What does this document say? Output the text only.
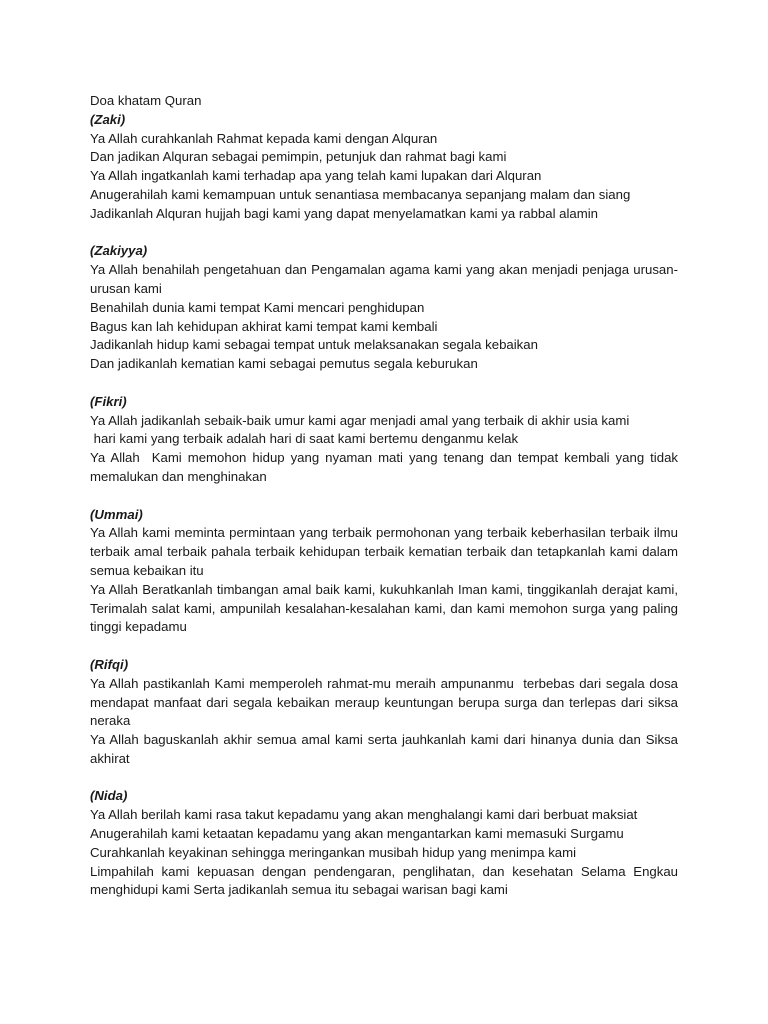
Doa khatam Quran

(Zaki)

Ya Allah curahkanlah Rahmat kepada kami dengan Alquran

Dan jadikan Alquran sebagai pemimpin, petunjuk dan rahmat bagi kami

Ya Allah ingatkanlah kami terhadap apa yang telah kami lupakan dari Alquran

Anugerahilah kami kemampuan untuk senantiasa membacanya sepanjang malam dan siang

Jadikanlah Alquran hujjah bagi kami yang dapat menyelamatkan kami ya rabbal alamin

(Zakiyya)

Ya Allah benahilah pengetahuan dan Pengamalan agama kami yang akan menjadi penjaga urusan-urusan kami

Benahilah dunia kami tempat Kami mencari penghidupan

Bagus kan lah kehidupan akhirat kami tempat kami kembali

Jadikanlah hidup kami sebagai tempat untuk melaksanakan segala kebaikan

Dan jadikanlah kematian kami sebagai pemutus segala keburukan

(Fikri)

Ya Allah jadikanlah sebaik-baik umur kami agar menjadi amal yang terbaik di akhir usia kami

hari kami yang terbaik adalah hari di saat kami bertemu denganmu kelak

Ya Allah  Kami memohon hidup yang nyaman mati yang tenang dan tempat kembali yang tidak memalukan dan menghinakan

(Ummai)

Ya Allah kami meminta permintaan yang terbaik permohonan yang terbaik keberhasilan terbaik ilmu terbaik amal terbaik pahala terbaik kehidupan terbaik kematian terbaik dan tetapkanlah kami dalam semua kebaikan itu

Ya Allah Beratkanlah timbangan amal baik kami, kukuhkanlah Iman kami, tinggikanlah derajat kami, Terimalah salat kami, ampunilah kesalahan-kesalahan kami, dan kami memohon surga yang paling tinggi kepadamu

(Rifqi)

Ya Allah pastikanlah Kami memperoleh rahmat-mu meraih ampunanmu  terbebas dari segala dosa mendapat manfaat dari segala kebaikan meraup keuntungan berupa surga dan terlepas dari siksa neraka

Ya Allah baguskanlah akhir semua amal kami serta jauhkanlah kami dari hinanya dunia dan Siksa akhirat

(Nida)

Ya Allah berilah kami rasa takut kepadamu yang akan menghalangi kami dari berbuat maksiat

Anugerahilah kami ketaatan kepadamu yang akan mengantarkan kami memasuki Surgamu

Curahkanlah keyakinan sehingga meringankan musibah hidup yang menimpa kami

Limpahilah kami kepuasan dengan pendengaran, penglihatan, dan kesehatan Selama Engkau menghidupi kami Serta jadikanlah semua itu sebagai warisan bagi kami
